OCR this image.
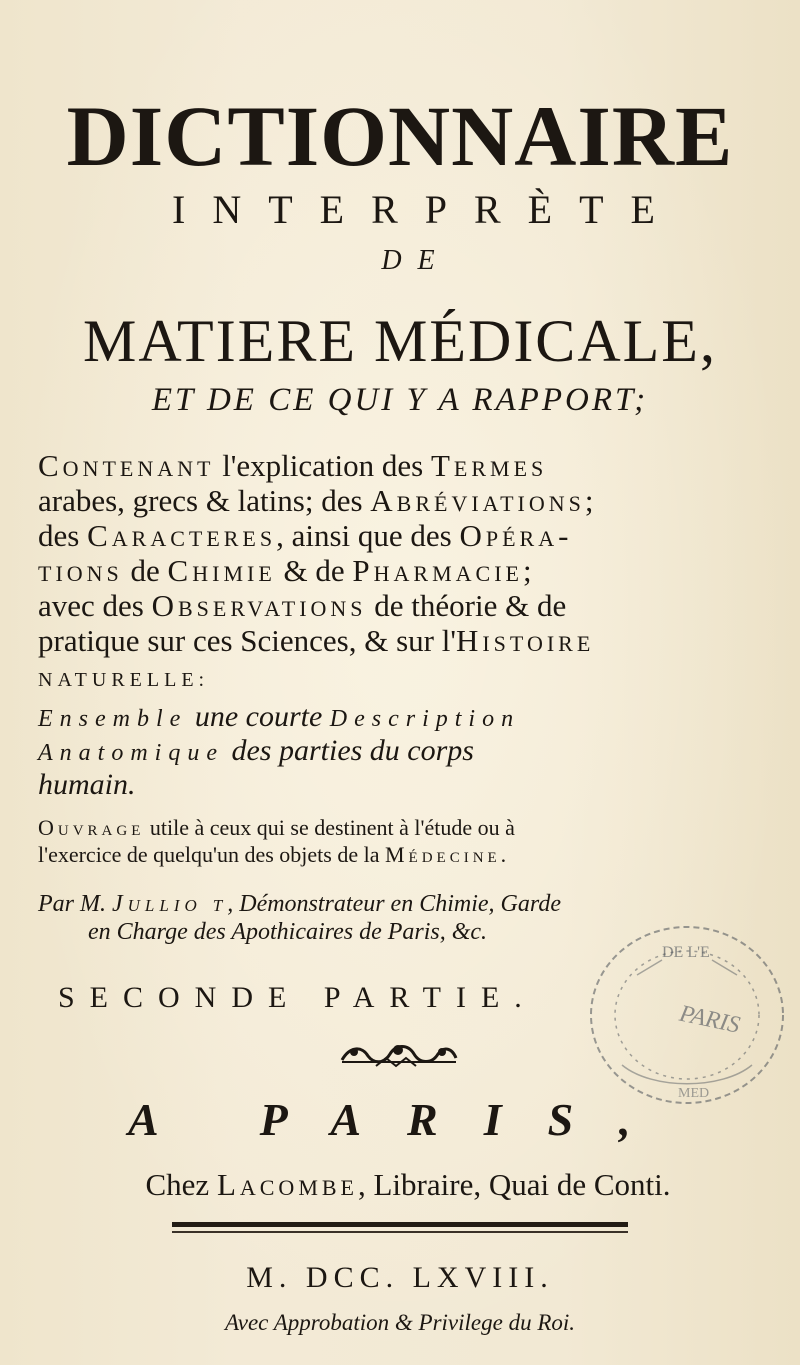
DICTIONNAIRE
INTERPRÈTE
DE
MATIERE MÉDICALE,
ET DE CE QUI Y A RAPPORT;
Contenant l'explication des Termes
arabes, grecs & latins; des Abréviations;
des Caracteres, ainsi que des Opéra-
tions de Chimie & de Pharmacie;
avec des Observations de théorie & de
pratique sur ces Sciences, & sur l'Histoire
NATURELLE:
Ensemble une courte Description
Anatomique des parties du corps
humain.
Ouvrage utile à ceux qui se destinent à l'étude ou à
l'exercice de quelqu'un des objets de la Médecine.
Par M. Jullio t, Démonstrateur en Chimie, Garde
en Charge des Apothicaires de Paris, &c.
SECONDE PARTIE.
DE L'E
PARIS
MED
A PARIS,
Chez Lacombe, Libraire, Quai de Conti.
M. DCC. LXVIII.
Avec Approbation & Privilege du Roi.
